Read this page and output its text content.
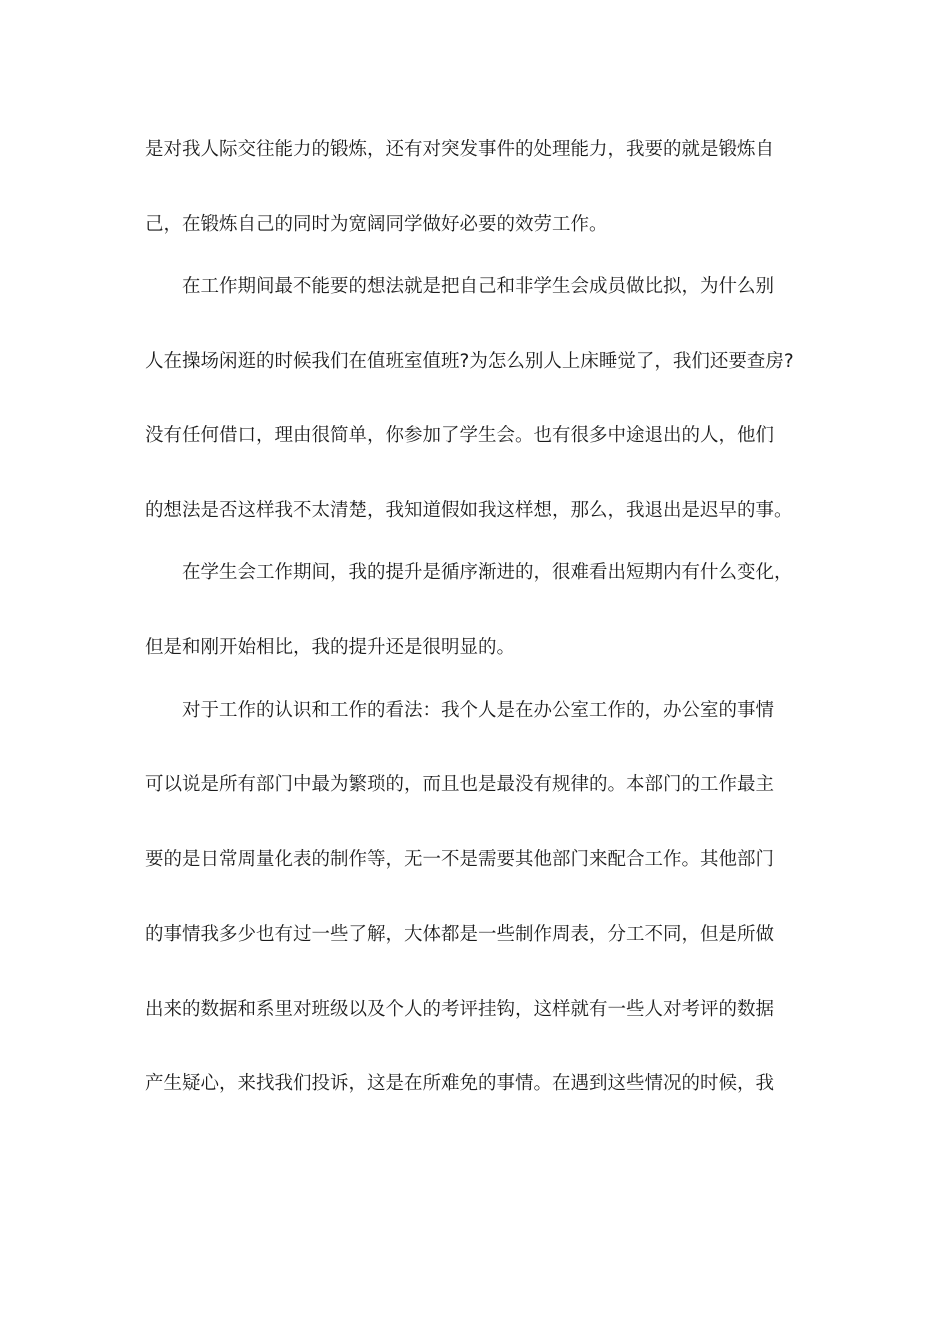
是对我人际交往能力的锻炼，还有对突发事件的处理能力，我要的就是锻炼自
己，在锻炼自己的同时为宽阔同学做好必要的效劳工作。
在工作期间最不能要的想法就是把自己和非学生会成员做比拟，为什么别
人在操场闲逛的时候我们在值班室值班?为怎么别人上床睡觉了，我们还要查房?
没有任何借口，理由很简单，你参加了学生会。也有很多中途退出的人，他们
的想法是否这样我不太清楚，我知道假如我这样想，那么，我退出是迟早的事。
在学生会工作期间，我的提升是循序渐进的，很难看出短期内有什么变化，
但是和刚开始相比，我的提升还是很明显的。
对于工作的认识和工作的看法：我个人是在办公室工作的，办公室的事情
可以说是所有部门中最为繁琐的，而且也是最没有规律的。本部门的工作最主
要的是日常周量化表的制作等，无一不是需要其他部门来配合工作。其他部门
的事情我多少也有过一些了解，大体都是一些制作周表，分工不同，但是所做
出来的数据和系里对班级以及个人的考评挂钩，这样就有一些人对考评的数据
产生疑心，来找我们投诉，这是在所难免的事情。在遇到这些情况的时候，我
